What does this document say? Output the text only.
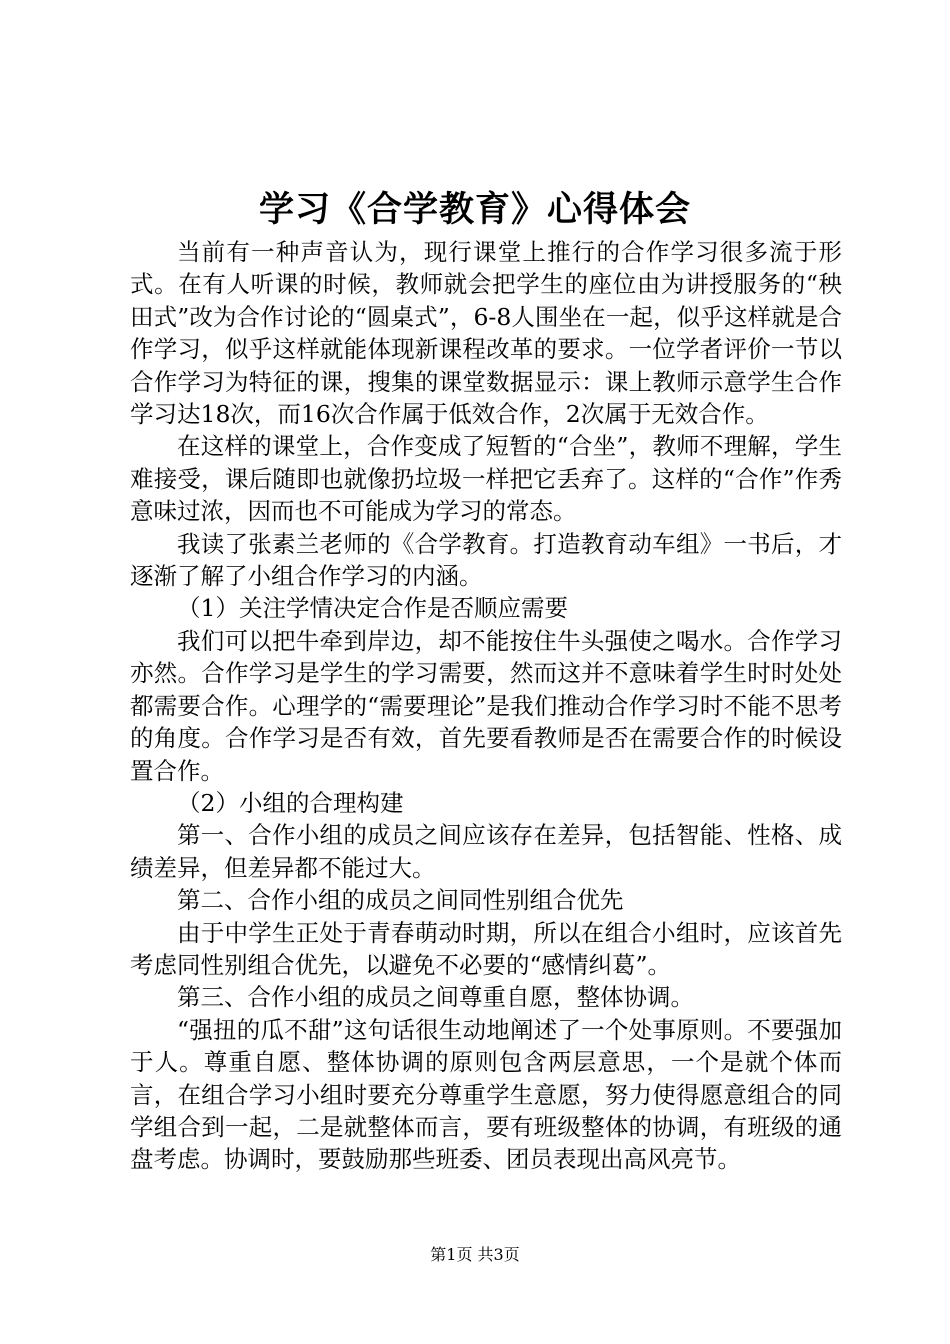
学习《合学教育》心得体会

当前有一种声音认为，现行课堂上推行的合作学习很多流于形式。在有人听课的时候，教师就会把学生的座位由为讲授服务的“秧田式”改为合作讨论的“圆桌式”，6-8人围坐在一起，似乎这样就是合作学习，似乎这样就能体现新课程改革的要求。一位学者评价一节以合作学习为特征的课，搜集的课堂数据显示：课上教师示意学生合作学习达18次，而16次合作属于低效合作，2次属于无效合作。

在这样的课堂上，合作变成了短暂的“合坐”，教师不理解，学生难接受，课后随即也就像扔垃圾一样把它丢弃了。这样的“合作”作秀意味过浓，因而也不可能成为学习的常态。

我读了张素兰老师的《合学教育。打造教育动车组》一书后，才逐渐了解了小组合作学习的内涵。

（1）关注学情决定合作是否顺应需要

我们可以把牛牵到岸边，却不能按住牛头强使之喝水。合作学习亦然。合作学习是学生的学习需要，然而这并不意味着学生时时处处都需要合作。心理学的“需要理论”是我们推动合作学习时不能不思考的角度。合作学习是否有效，首先要看教师是否在需要合作的时候设置合作。

（2）小组的合理构建

第一、合作小组的成员之间应该存在差异，包括智能、性格、成绩差异，但差异都不能过大。

第二、合作小组的成员之间同性别组合优先

由于中学生正处于青春萌动时期，所以在组合小组时，应该首先考虑同性别组合优先，以避免不必要的“感情纠葛”。

第三、合作小组的成员之间尊重自愿，整体协调。

“强扭的瓜不甜”这句话很生动地阐述了一个处事原则。不要强加于人。尊重自愿、整体协调的原则包含两层意思，一个是就个体而言，在组合学习小组时要充分尊重学生意愿，努力使得愿意组合的同学组合到一起，二是就整体而言，要有班级整体的协调，有班级的通盘考虑。协调时，要鼓励那些班委、团员表现出高风亮节。

第1页 共3页
